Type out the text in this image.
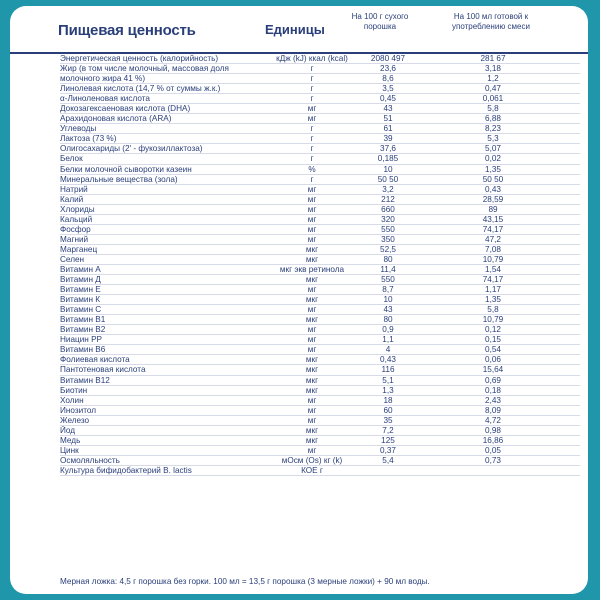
Пищевая ценность	Единицы
На 100 г сухого порошка
На 100 мл готовой к употреблению смеси
Энергетическая ценность (калорийность)	кДж (kJ) ккал (kcal)	2080 497	281 67
Жир (в том числе молочный, массовая доля	г	23,6	3,18
молочного жира 41 %)	г	8,6	1,2
Линолевая кислота (14,7 % от суммы ж.к.)	г	3,5	0,47
α-Линоленовая кислота	г	0,45	0,061
Докозагексаеновая кислота (DHA)	мг	43	5,8
Арахидоновая кислота (ARA)	мг	51	6,88
Углеводы	г	61	8,23
Лактоза (73 %)	г	39	5,3
Олигосахариды (2' - фукозиллактоза)	г	37,6	5,07
Белок	г	0,185	0,02
Белки молочной сыворотки казеин	%	10	1,35
Минеральные вещества (зола)	г	50 50	50 50
Натрий	мг	3,2	0,43
Калий	мг	212	28,59
Хлориды	мг	660	89
Кальций	мг	320	43,15
Фосфор	мг	550	74,17
Магний	мг	350	47,2
Марганец	мкг	52,5	7,08
Селен	мкг	80	10,79
Витамин А	мкг экв ретинола	11,4	1,54
Витамин Д	мкг	550	74,17
Витамин Е	мг	8,7	1,17
Витамин К	мкг	10	1,35
Витамин С	мг	43	5,8
Витамин В1	мкг	80	10,79
Витамин В2	мг	0,9	0,12
Ниацин РР	мг	1,1	0,15
Витамин В6	мг	4	0,54
Фолиевая кислота	мкг	0,43	0,06
Пантотеновая кислота	мкг	116	15,64
Витамин В12	мкг	5,1	0,69
Биотин	мкг	1,3	0,18
Холин	мг	18	2,43
Инозитол	мг	60	8,09
Железо	мг	35	4,72
Йод	мкг	7,2	0,98
Медь	мкг	125	16,86
Цинк	мг	0,37	0,05
Осмоляльность	мОсм (Os) кг (k)	5,4	0,73
Культура бифидобактерий B. lactis	КОЕ г
Мерная ложка: 4,5 г порошка без горки. 100 мл = 13,5 г порошка (3 мерные ложки) + 90 мл воды.
